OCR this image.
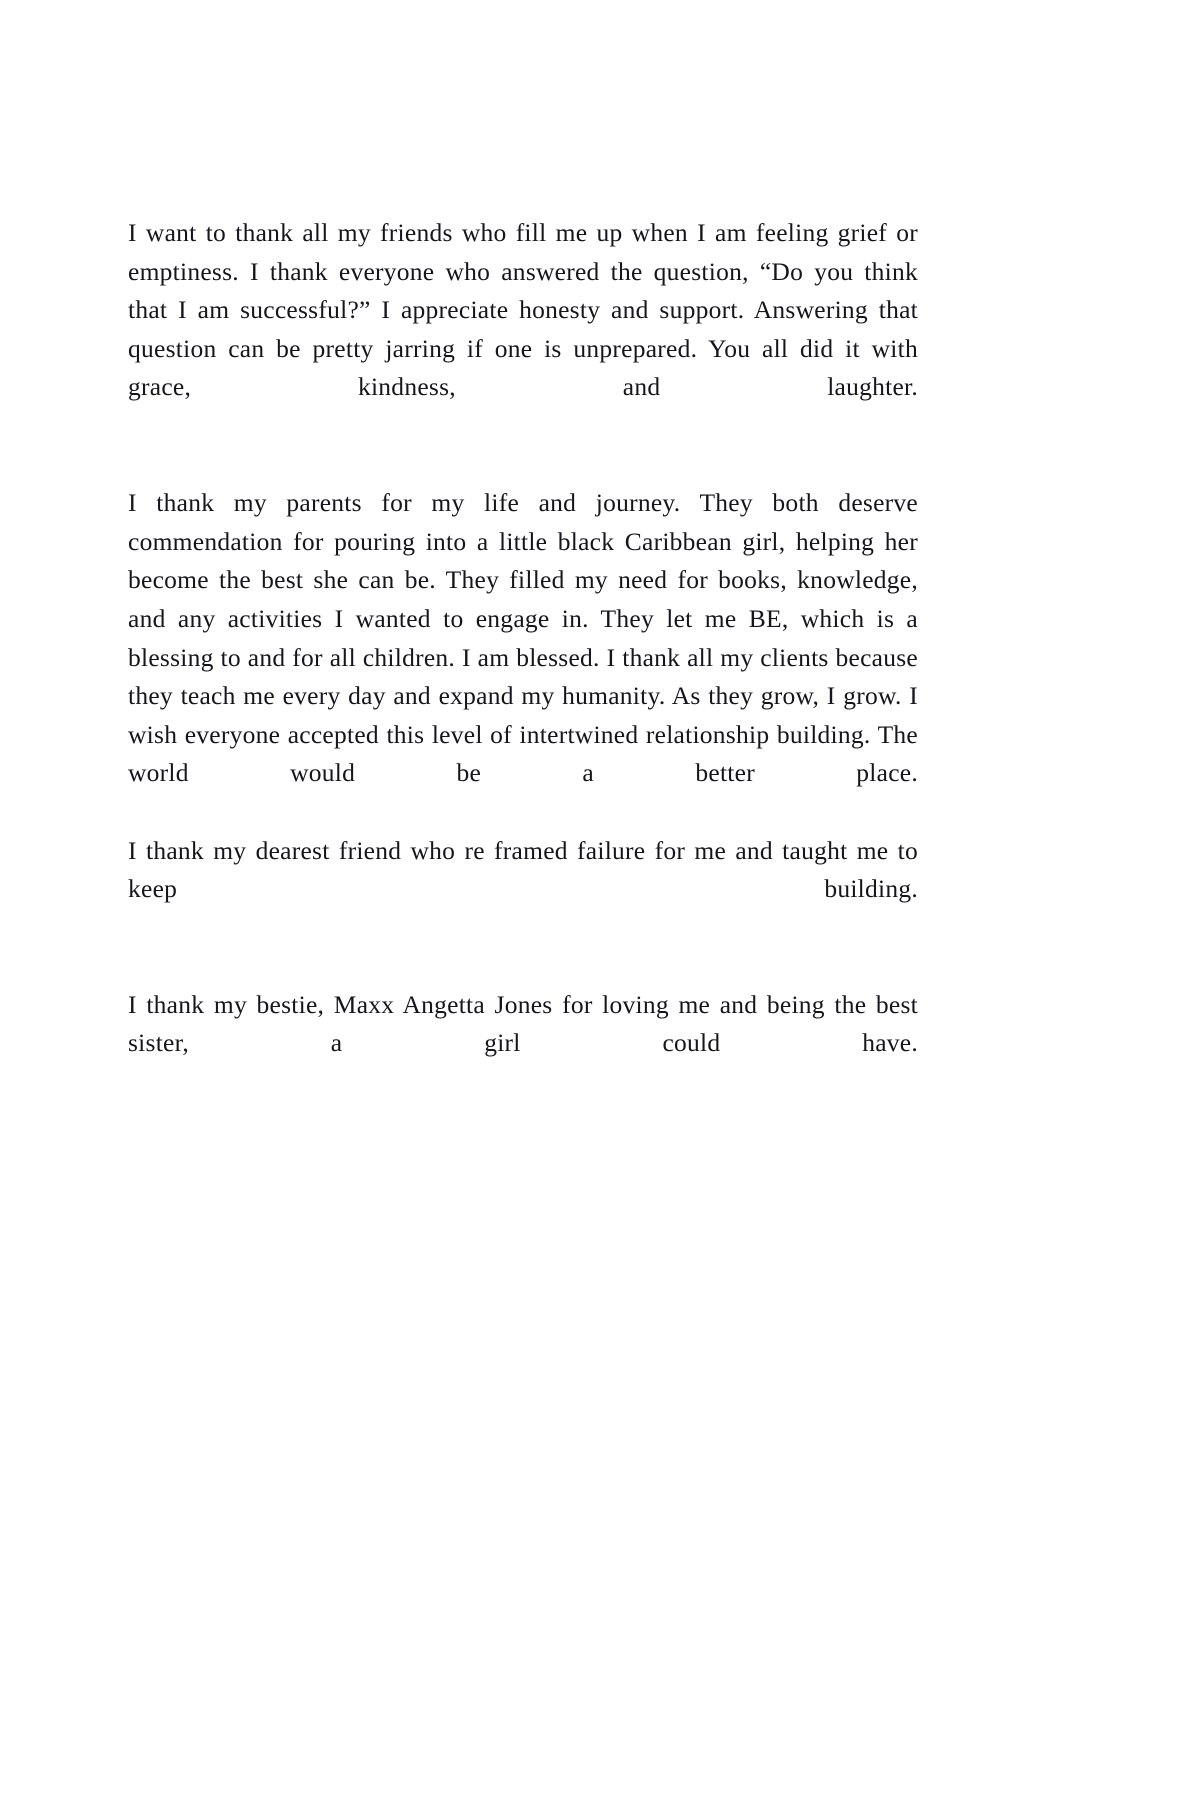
I want to thank all my friends who fill me up when I am feeling grief or emptiness. I thank everyone who answered the question, “Do you think that I am successful?” I appreciate honesty and support. Answering that question can be pretty jarring if one is unprepared. You all did it with grace, kindness, and laughter.

I thank my parents for my life and journey. They both deserve commendation for pouring into a little black Caribbean girl, helping her become the best she can be. They filled my need for books, knowledge, and any activities I wanted to engage in. They let me BE, which is a blessing to and for all children. I am blessed. I thank all my clients because they teach me every day and expand my humanity. As they grow, I grow. I wish everyone accepted this level of intertwined relationship building. The world would be a better place.

I thank my dearest friend who re framed failure for me and taught me to keep building.

I thank my bestie, Maxx Angetta Jones for loving me and being the best sister, a girl could have.
